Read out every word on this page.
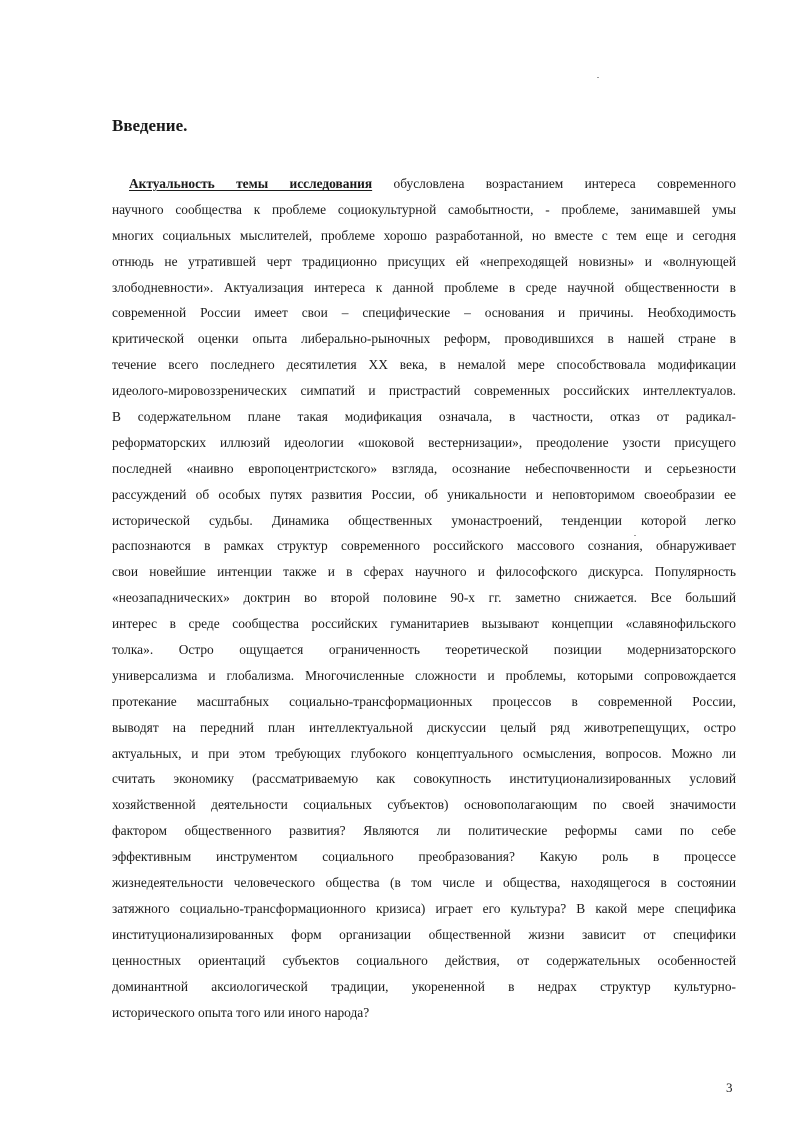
Введение.
Актуальность темы исследования обусловлена возрастанием интереса современного
научного сообщества к проблеме социокультурной самобытности, - проблеме, занимавшей умы
многих социальных мыслителей, проблеме хорошо разработанной, но вместе с тем еще и сегодня
отнюдь не утратившей черт традиционно присущих ей «непреходящей новизны» и «волнующей
злободневности». Актуализация интереса к данной проблеме в среде научной общественности в
современной России имеет свои – специфические – основания и причины. Необходимость
критической оценки опыта либерально-рыночных реформ, проводившихся в нашей стране в
течение всего последнего десятилетия XX века, в немалой мере способствовала модификации
идеолого-мировоззренических симпатий и пристрастий современных российских интеллектуалов.
В содержательном плане такая модификация означала, в частности, отказ от радикал-
реформаторских иллюзий идеологии «шоковой вестернизации», преодоление узости присущего
последней «наивно европоцентристского» взгляда, осознание небеспочвенности и серьезности
рассуждений об особых путях развития России, об уникальности и неповторимом своеобразии ее
исторической судьбы. Динамика общественных умонастроений, тенденции которой легко
распознаются в рамках структур современного российского массового сознания, обнаруживает
свои новейшие интенции также и в сферах научного и философского дискурса. Популярность
«неозападнических» доктрин во второй половине 90-х гг. заметно снижается. Все больший
интерес в среде сообщества российских гуманитариев вызывают концепции «славянофильского
толка». Остро ощущается ограниченность теоретической позиции модернизаторского
универсализма и глобализма. Многочисленные сложности и проблемы, которыми сопровождается
протекание масштабных социально-трансформационных процессов в современной России,
выводят на передний план интеллектуальной дискуссии целый ряд животрепещущих, остро
актуальных, и при этом требующих глубокого концептуального осмысления, вопросов. Можно ли
считать экономику (рассматриваемую как совокупность институционализированных условий
хозяйственной деятельности социальных субъектов) основополагающим по своей значимости
фактором общественного развития? Являются ли политические реформы сами по себе
эффективным инструментом социального преобразования? Какую роль в процессе
жизнедеятельности человеческого общества (в том числе и общества, находящегося в состоянии
затяжного социально-трансформационного кризиса) играет его культура? В какой мере специфика
институционализированных форм организации общественной жизни зависит от специфики
ценностных ориентаций субъектов социального действия, от содержательных особенностей
доминантной аксиологической традиции, укорененной в недрах структур культурно-
исторического опыта того или иного народа?
3
